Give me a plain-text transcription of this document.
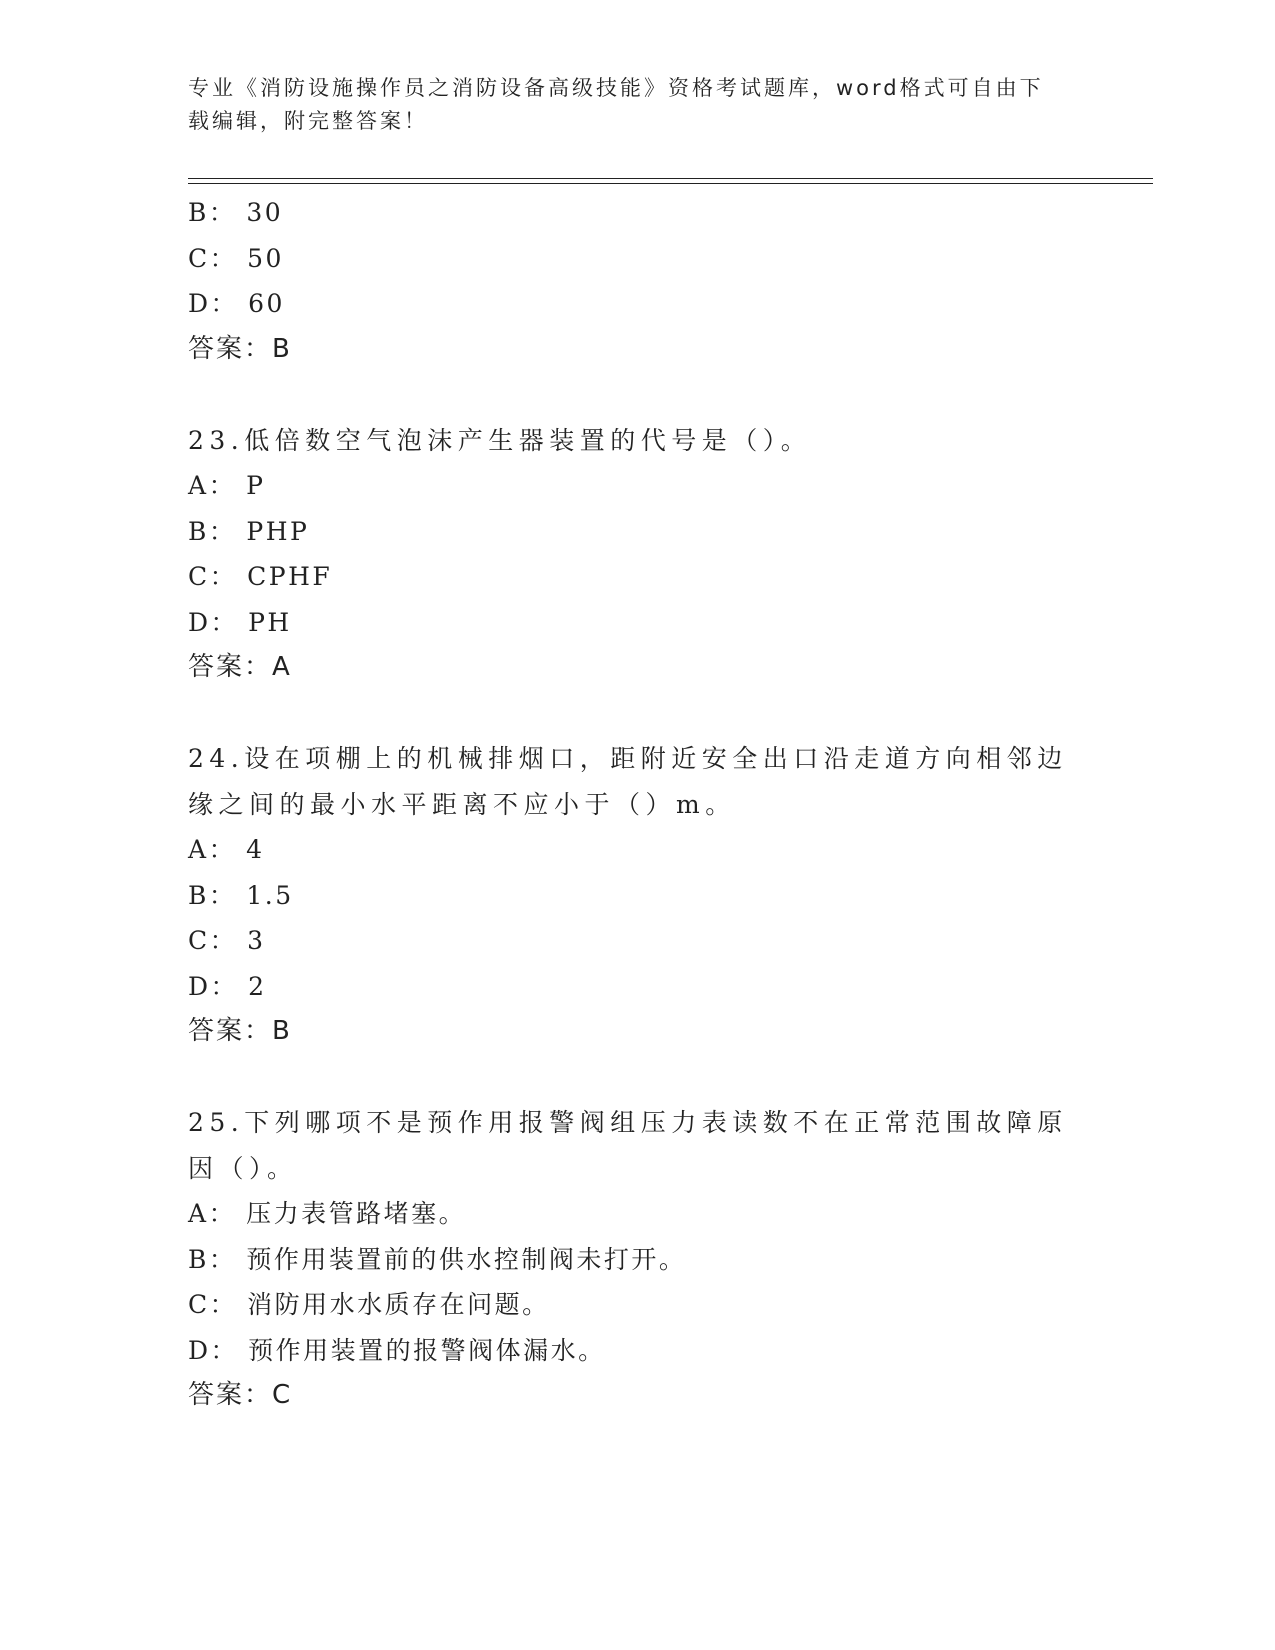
专业《消防设施操作员之消防设备高级技能》资格考试题库，word格式可自由下
载编辑，附完整答案！
B： 30
C： 50
D： 60
答案：B
23.低倍数空气泡沫产生器装置的代号是（）。
A： P
B： PHP
C： CPHF
D： PH
答案：A
24.设在项棚上的机械排烟口，距附近安全出口沿走道方向相邻边缘之间的最小水平距离不应小于（）m。
A： 4
B： 1.5
C： 3
D： 2
答案：B
25.下列哪项不是预作用报警阀组压力表读数不在正常范围故障原因（）。
A： 压力表管路堵塞。
B： 预作用装置前的供水控制阀未打开。
C： 消防用水水质存在问题。
D： 预作用装置的报警阀体漏水。
答案：C
